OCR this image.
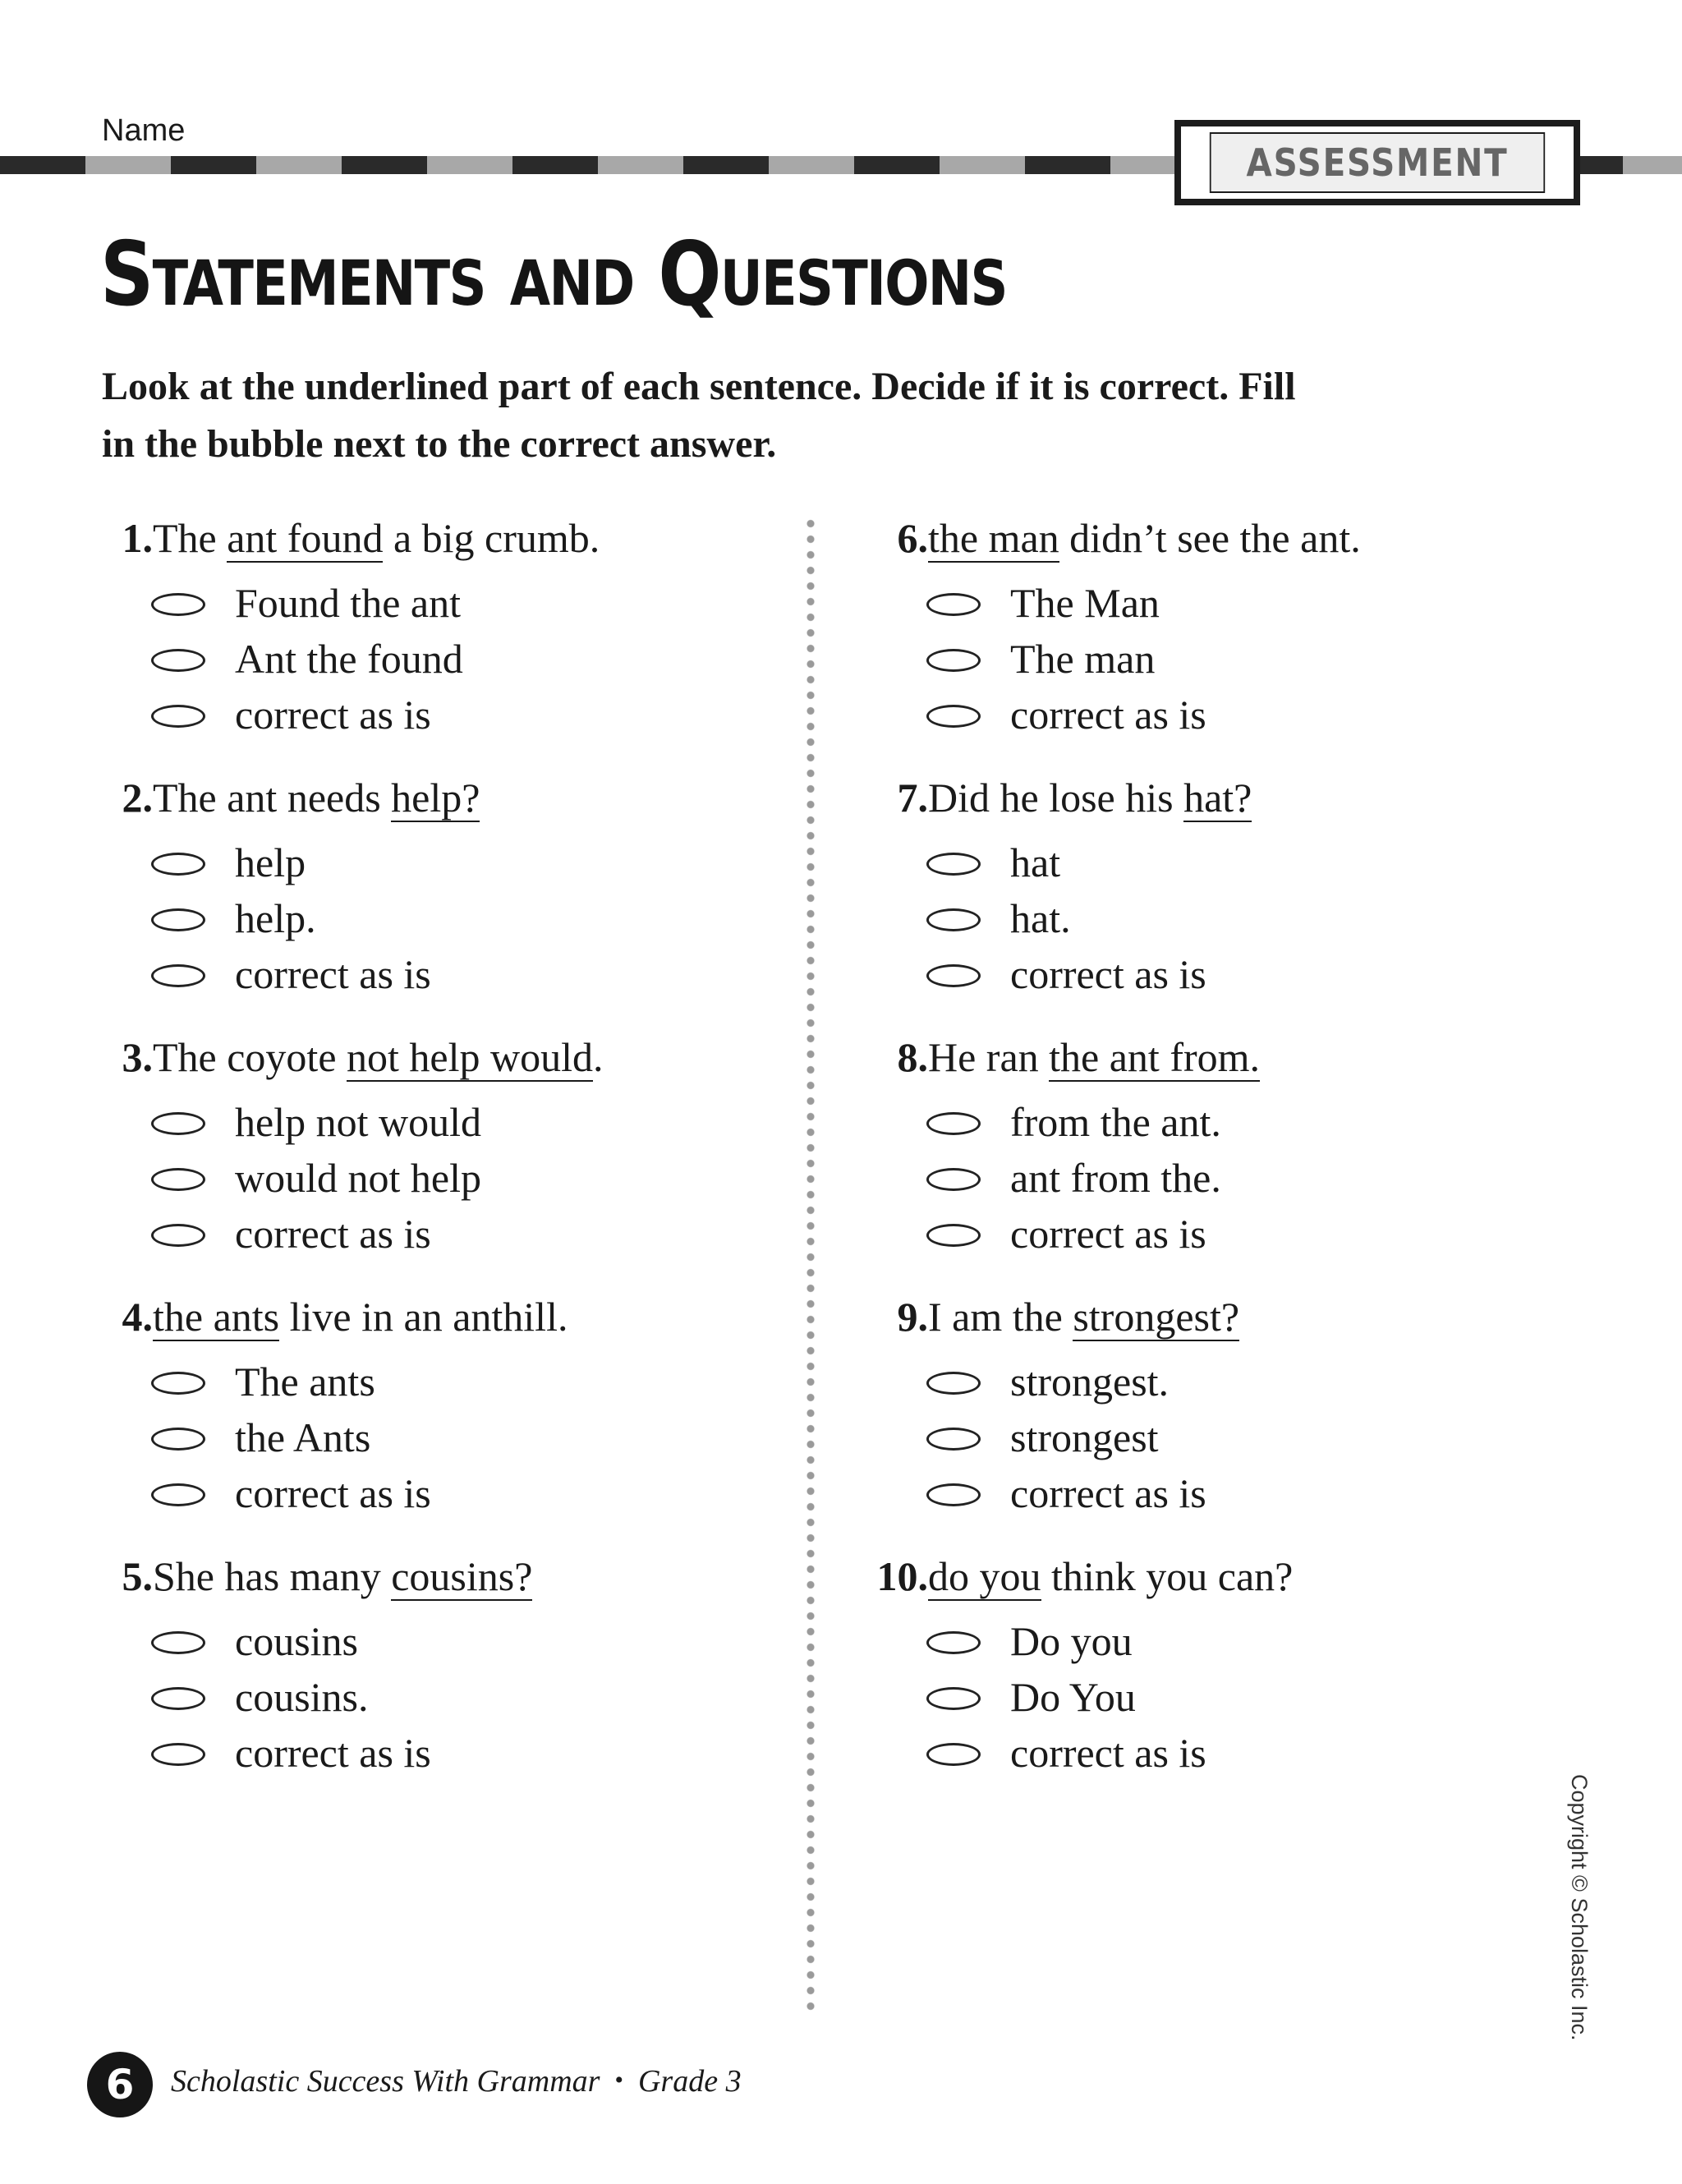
Name
ASSESSMENT
Statements and Questions

Look at the underlined part of each sentence. Decide if it is correct. Fill in the bubble next to the correct answer.

1. The ant found a big crumb.
Found the ant
Ant the found
correct as is
2. The ant needs help?
help
help.
correct as is
3. The coyote not help would.
help not would
would not help
correct as is
4. the ants live in an anthill.
The ants
the Ants
correct as is
5. She has many cousins?
cousins
cousins.
correct as is
6. the man didn’t see the ant.
The Man
The man
correct as is
7. Did he lose his hat?
hat
hat.
correct as is
8. He ran the ant from.
from the ant.
ant from the.
correct as is
9. I am the strongest?
strongest.
strongest
correct as is
10. do you think you can?
Do you
Do You
correct as is
Copyright © Scholastic Inc.
6 Scholastic Success With Grammar • Grade 3
